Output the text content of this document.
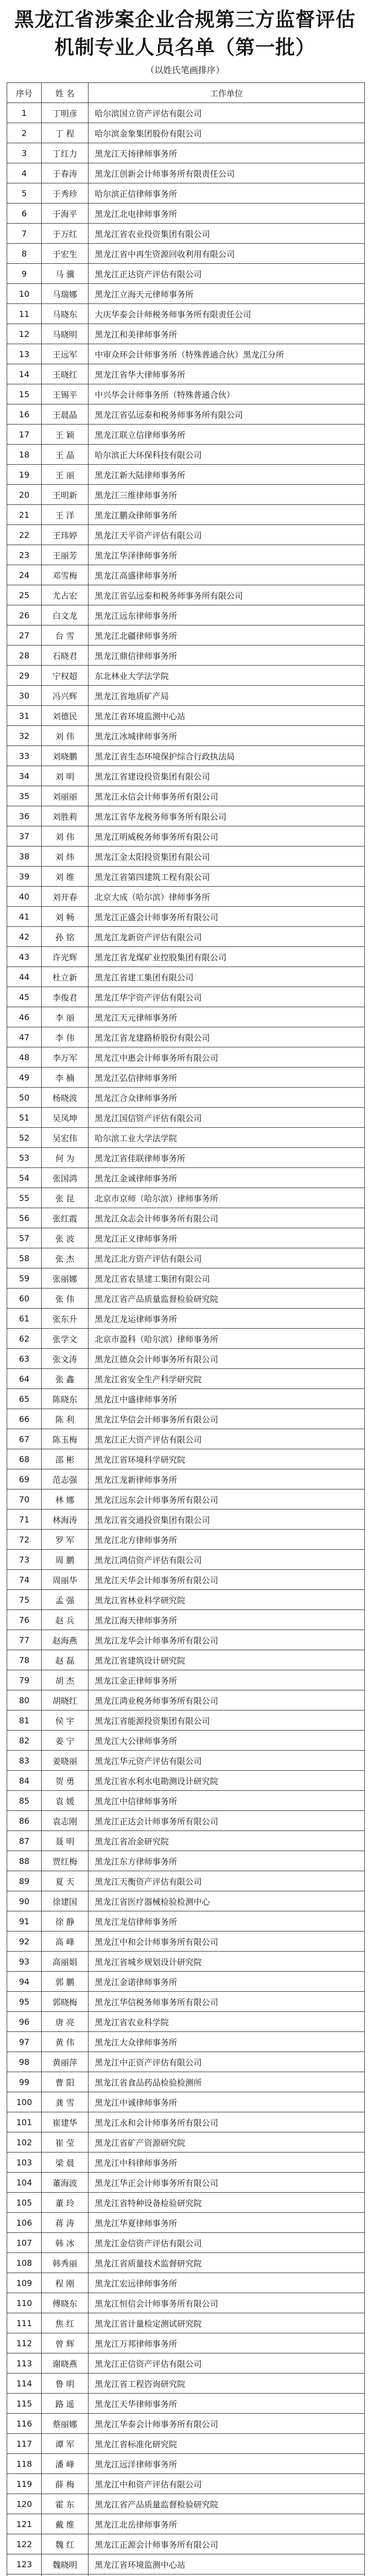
黑龙江省涉案企业合规第三方监督评估
机制专业人员名单（第一批）
（以姓氏笔画排序）
序号	姓 名	工作单位
1	丁明彦	哈尔滨国立资产评估有限公司
2	丁 程	哈尔滨金象集团股份有限公司
3	丁红力	黑龙江天扬律师事务所
4	于春涛	黑龙江创新会计师事务所有限责任公司
5	于秀珍	哈尔滨正信律师事务所
6	于海平	黑龙江北电律师事务所
7	于万红	黑龙江省农业投资集团有限公司
8	于宏生	黑龙江省中再生资源回收利用有限公司
9	马 骥	黑龙江正达资产评估有限公司
10	马瑞娜	黑龙江立海天元律师事务所
11	马晓东	大庆华泰会计师税务师事务所有限责任公司
12	马晓明	黑龙江和美律师事务所
13	王远军	中审众环会计师事务所（特殊普通合伙）黑龙江分所
14	王晓红	黑龙江省华大律师事务所
15	王锡平	中兴华会计师事务所（特殊普通合伙）
16	王晨晶	黑龙江省弘远泰和税务师事务所有限公司
17	王 颖	黑龙江联立信律师事务所
18	王 晶	哈尔滨正大环保科技有限公司
19	王 丽	黑龙江新大陆律师事务所
20	王明新	黑龙江三维律师事务所
21	王 洋	黑龙江鹏众律师事务所
22	王玮婷	黑龙江天平资产评估有限公司
23	王丽芳	黑龙江华泽律师事务所
24	邓雪梅	黑龙江高盛律师事务所
25	尤占宏	黑龙江省弘远泰和税务师事务所有限公司
26	白文龙	黑龙江远东律师事务所
27	台 雪	黑龙江北疆律师事务所
28	石晓君	黑龙江鼎信律师事务所
29	宁权超	东北林业大学法学院
30	冯兴辉	黑龙江省地质矿产局
31	刘德民	黑龙江省环境监测中心站
32	刘 伟	黑龙江冰城律师事务所
33	刘晓鹏	黑龙江省生态环境保护综合行政执法局
34	刘 明	黑龙江省建设投资集团有限公司
35	刘丽丽	黑龙江永信会计师事务所有限公司
36	刘胜莉	黑龙江省华龙税务师事务所有限公司
37	刘 伟	黑龙江明威税务师事务所有限公司
38	刘 炜	黑龙江金太阳投资集团有限公司
39	刘 维	黑龙江省第四建筑工程有限公司
40	刘开春	北京大成（哈尔滨）律师事务所
41	刘 畅	黑龙江正盛会计师事务所有限公司
42	孙 铭	黑龙江龙新资产评估有限公司
43	许光辉	黑龙江省龙煤矿业控股集团有限公司
44	杜立新	黑龙江省建工集团有限公司
45	李俊君	黑龙江华宇资产评估有限公司
46	李 丽	黑龙江天元律师事务所
47	李 伟	黑龙江省龙建路桥股份有限公司
48	李万军	黑龙江中惠会计师事务所有限公司
49	李 楠	黑龙江弘信律师事务所
50	杨晓波	黑龙江合众律师事务所
51	吴凤坤	黑龙江国信资产评估有限公司
52	吴宏伟	哈尔滨工业大学法学院
53	何 为	黑龙江省佳联律师事务所
54	张国鸿	黑龙江金诚律师事务所
55	张 昆	北京市京师（哈尔滨）律师事务所
56	张红霞	黑龙江众志会计师事务所有限公司
57	张 波	黑龙江正义律师事务所
58	张 杰	黑龙江北方资产评估有限公司
59	张丽娜	黑龙江省农垦建工集团有限公司
60	张 伟	黑龙江省产品质量监督检验研究院
61	张东升	黑龙江龙运律师事务所
62	张学文	北京市盈科（哈尔滨）律师事务所
63	张文涛	黑龙江德众会计师事务所有限公司
64	张 鑫	黑龙江省安全生产科学研究院
65	陈晓东	黑龙江中盛律师事务所
66	陈 利	黑龙江华信会计师事务所有限公司
67	陈玉梅	黑龙江正大资产评估有限公司
68	邵 彬	黑龙江省环境科学研究院
69	范志强	黑龙江龙新律师事务所
70	林 娜	黑龙江远东会计师事务所有限公司
71	林海涛	黑龙江省交通投资集团有限公司
72	罗 军	黑龙江北方律师事务所
73	周 鹏	黑龙江鸿信资产评估有限公司
74	周丽华	黑龙江天华会计师事务所有限公司
75	孟 强	黑龙江省林业科学研究院
76	赵 兵	黑龙江海天律师事务所
77	赵海燕	黑龙江龙华会计师事务所有限公司
78	赵 磊	黑龙江省建筑设计研究院
79	胡 杰	黑龙江金正律师事务所
80	胡晓红	黑龙江鸿业税务师事务所有限公司
81	侯 宇	黑龙江省能源投资集团有限公司
82	姜 宁	黑龙江大公律师事务所
83	姜晓丽	黑龙江华元资产评估有限公司
84	贺 勇	黑龙江省水利水电勘测设计研究院
85	袁 媛	黑龙江中信律师事务所
86	袁志刚	黑龙江正达会计师事务所有限公司
87	聂 明	黑龙江省冶金研究院
88	贾红梅	黑龙江东方律师事务所
89	夏 天	黑龙江天衡资产评估有限公司
90	徐建国	黑龙江省医疗器械检验检测中心
91	徐 静	黑龙江龙信律师事务所
92	高 峰	黑龙江中和会计师事务所有限公司
93	高丽娟	黑龙江省城乡规划设计研究院
94	郭 鹏	黑龙江金诺律师事务所
95	郭晓梅	黑龙江华信税务师事务所有限公司
96	唐 亮	黑龙江省农业科学院
97	黄 伟	黑龙江大众律师事务所
98	黄丽萍	黑龙江中正资产评估有限公司
99	曹 阳	黑龙江省食品药品检验检测所
100	龚 雪	黑龙江中诚律师事务所
101	崔建华	黑龙江永和会计师事务所有限公司
102	崔 莹	黑龙江省矿产资源研究院
103	梁 晨	黑龙江中科律师事务所
104	董海波	黑龙江华正会计师事务所有限公司
105	董 玲	黑龙江省特种设备检验研究院
106	蒋 涛	黑龙江华夏律师事务所
107	韩 冰	黑龙江金信资产评估有限公司
108	韩秀丽	黑龙江省质量技术监督研究院
109	程 刚	黑龙江宏远律师事务所
110	傅晓东	黑龙江恒信会计师事务所有限公司
111	焦 红	黑龙江省计量检定测试研究院
112	曾 辉	黑龙江万邦律师事务所
113	谢晓燕	黑龙江正信资产评估有限公司
114	鲁 明	黑龙江省工程咨询研究院
115	路 遥	黑龙江天华律师事务所
116	蔡丽娜	黑龙江华泰会计师事务所有限公司
117	谭 军	黑龙江省标准化研究院
118	潘 峰	黑龙江远洋律师事务所
119	薛 梅	黑龙江中和资产评估有限公司
120	霍 东	黑龙江省产品质量监督检验研究院
121	戴 维	黑龙江北岳律师事务所
122	魏 红	黑龙江正源会计师事务所有限公司
123	魏晓明	黑龙江省环境监测中心站
